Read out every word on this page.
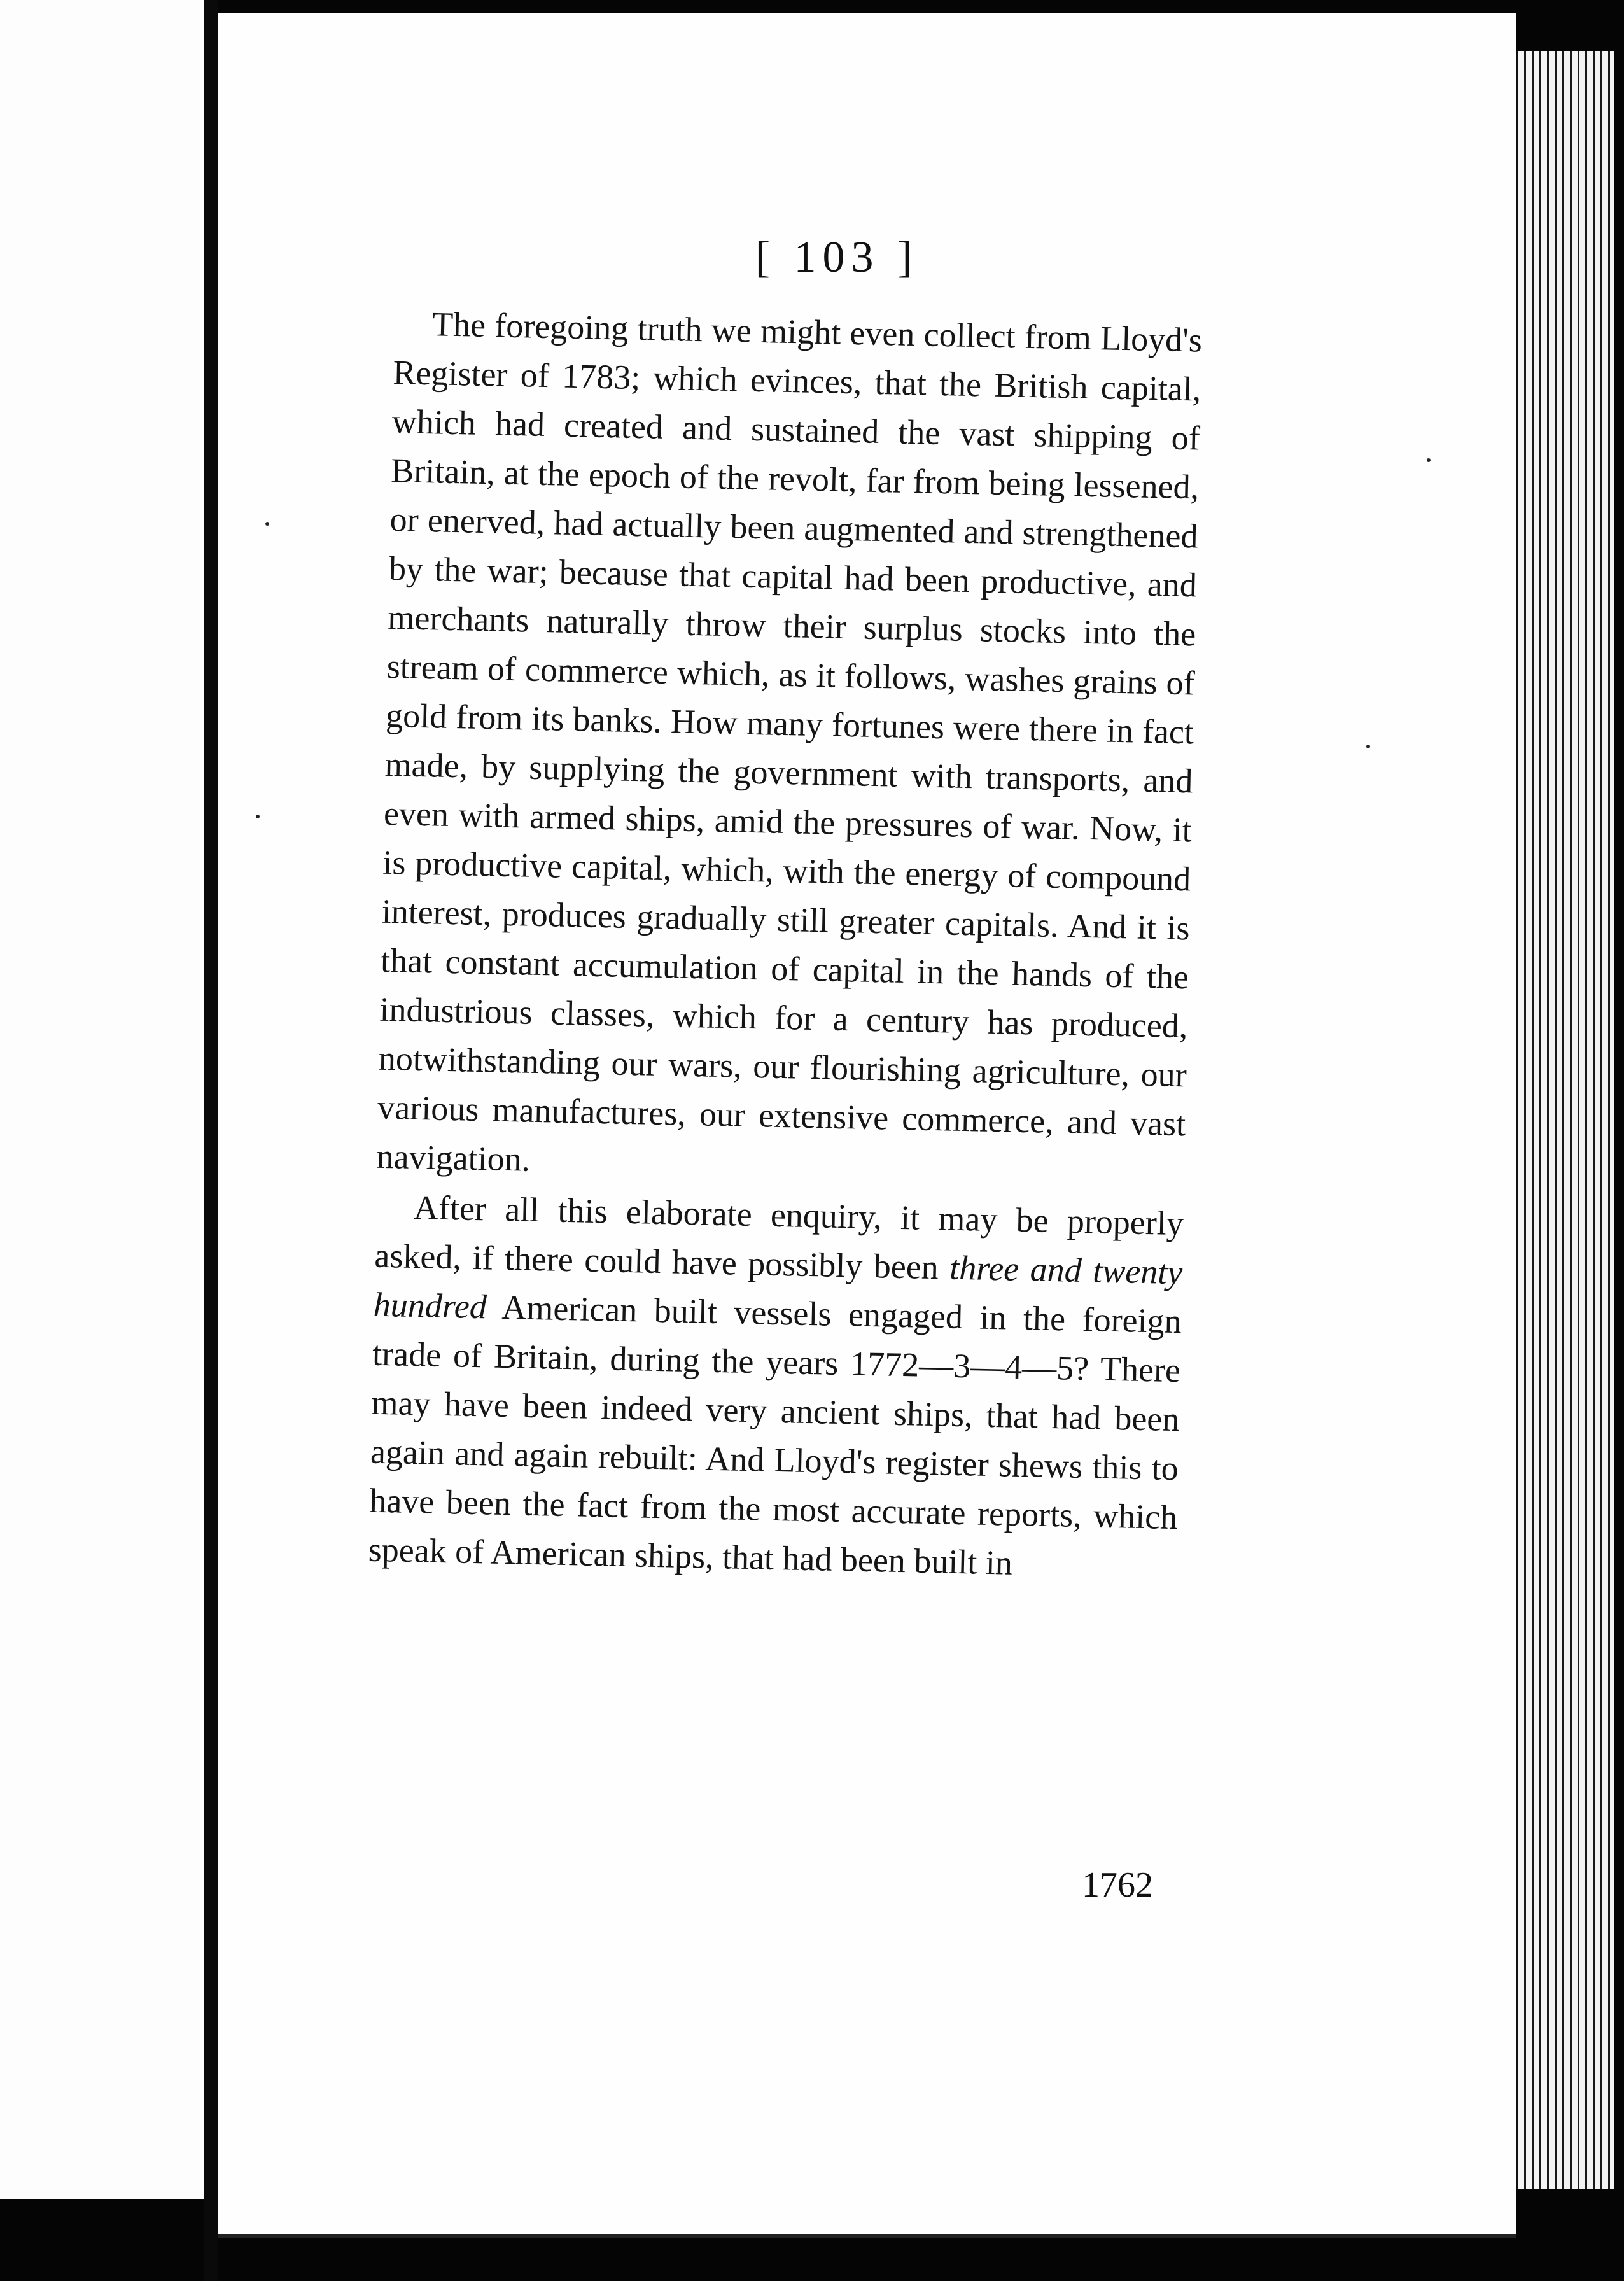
[ 103 ]

The foregoing truth we might even collect from Lloyd's Register of 1783; which evinces, that the British capital, which had created and sustained the vast shipping of Britain, at the epoch of the revolt, far from being lessened, or enerved, had actually been augmented and strengthened by the war; because that capital had been productive, and merchants naturally throw their surplus stocks into the stream of commerce which, as it follows, washes grains of gold from its banks. How many fortunes were there in fact made, by supplying the government with transports, and even with armed ships, amid the pressures of war. Now, it is productive capital, which, with the energy of compound interest, produces gradually still greater capitals. And it is that constant accumulation of capital in the hands of the industrious classes, which for a century has produced, notwithstanding our wars, our flourishing agriculture, our various manufactures, our extensive commerce, and vast navigation.

After all this elaborate enquiry, it may be properly asked, if there could have possibly been three and twenty hundred American built vessels engaged in the foreign trade of Britain, during the years 1772—3—4—5? There may have been indeed very ancient ships, that had been again and again rebuilt: And Lloyd's register shews this to have been the fact from the most accurate reports, which speak of American ships, that had been built in

1762
